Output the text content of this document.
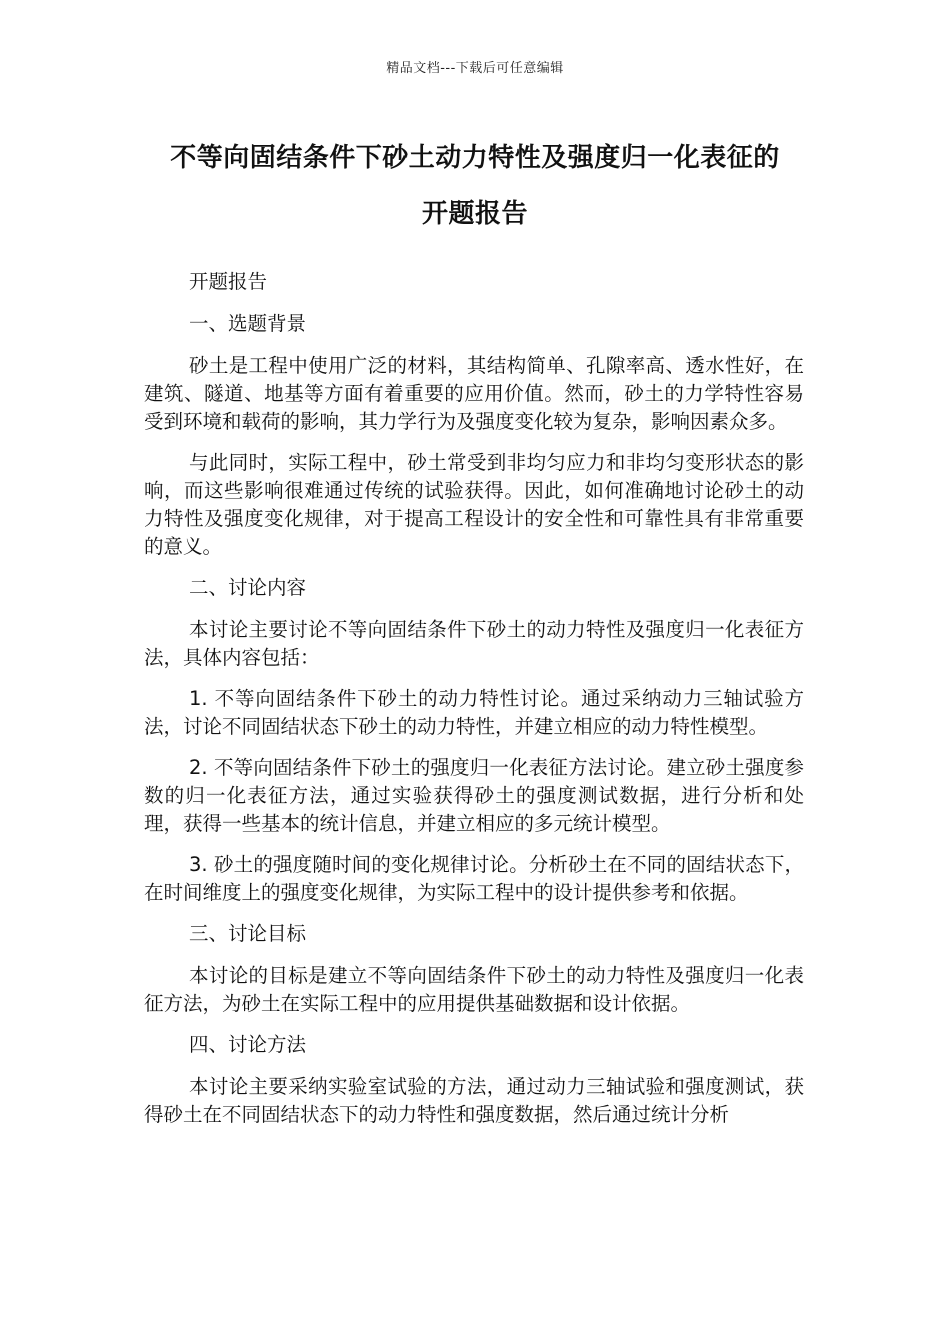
精品文档---下载后可任意编辑
不等向固结条件下砂土动力特性及强度归一化表征的
开题报告

开题报告

一、选题背景

砂土是工程中使用广泛的材料，其结构简单、孔隙率高、透水性好，在建筑、隧道、地基等方面有着重要的应用价值。然而，砂土的力学特性容易受到环境和载荷的影响，其力学行为及强度变化较为复杂，影响因素众多。

与此同时，实际工程中，砂土常受到非均匀应力和非均匀变形状态的影响，而这些影响很难通过传统的试验获得。因此，如何准确地讨论砂土的动力特性及强度变化规律，对于提高工程设计的安全性和可靠性具有非常重要的意义。

二、讨论内容

本讨论主要讨论不等向固结条件下砂土的动力特性及强度归一化表征方法，具体内容包括：

1. 不等向固结条件下砂土的动力特性讨论。通过采纳动力三轴试验方法，讨论不同固结状态下砂土的动力特性，并建立相应的动力特性模型。

2. 不等向固结条件下砂土的强度归一化表征方法讨论。建立砂土强度参数的归一化表征方法，通过实验获得砂土的强度测试数据，进行分析和处理，获得一些基本的统计信息，并建立相应的多元统计模型。

3. 砂土的强度随时间的变化规律讨论。分析砂土在不同的固结状态下，在时间维度上的强度变化规律，为实际工程中的设计提供参考和依据。

三、讨论目标

本讨论的目标是建立不等向固结条件下砂土的动力特性及强度归一化表征方法，为砂土在实际工程中的应用提供基础数据和设计依据。

四、讨论方法

本讨论主要采纳实验室试验的方法，通过动力三轴试验和强度测试，获得砂土在不同固结状态下的动力特性和强度数据，然后通过统计分析
